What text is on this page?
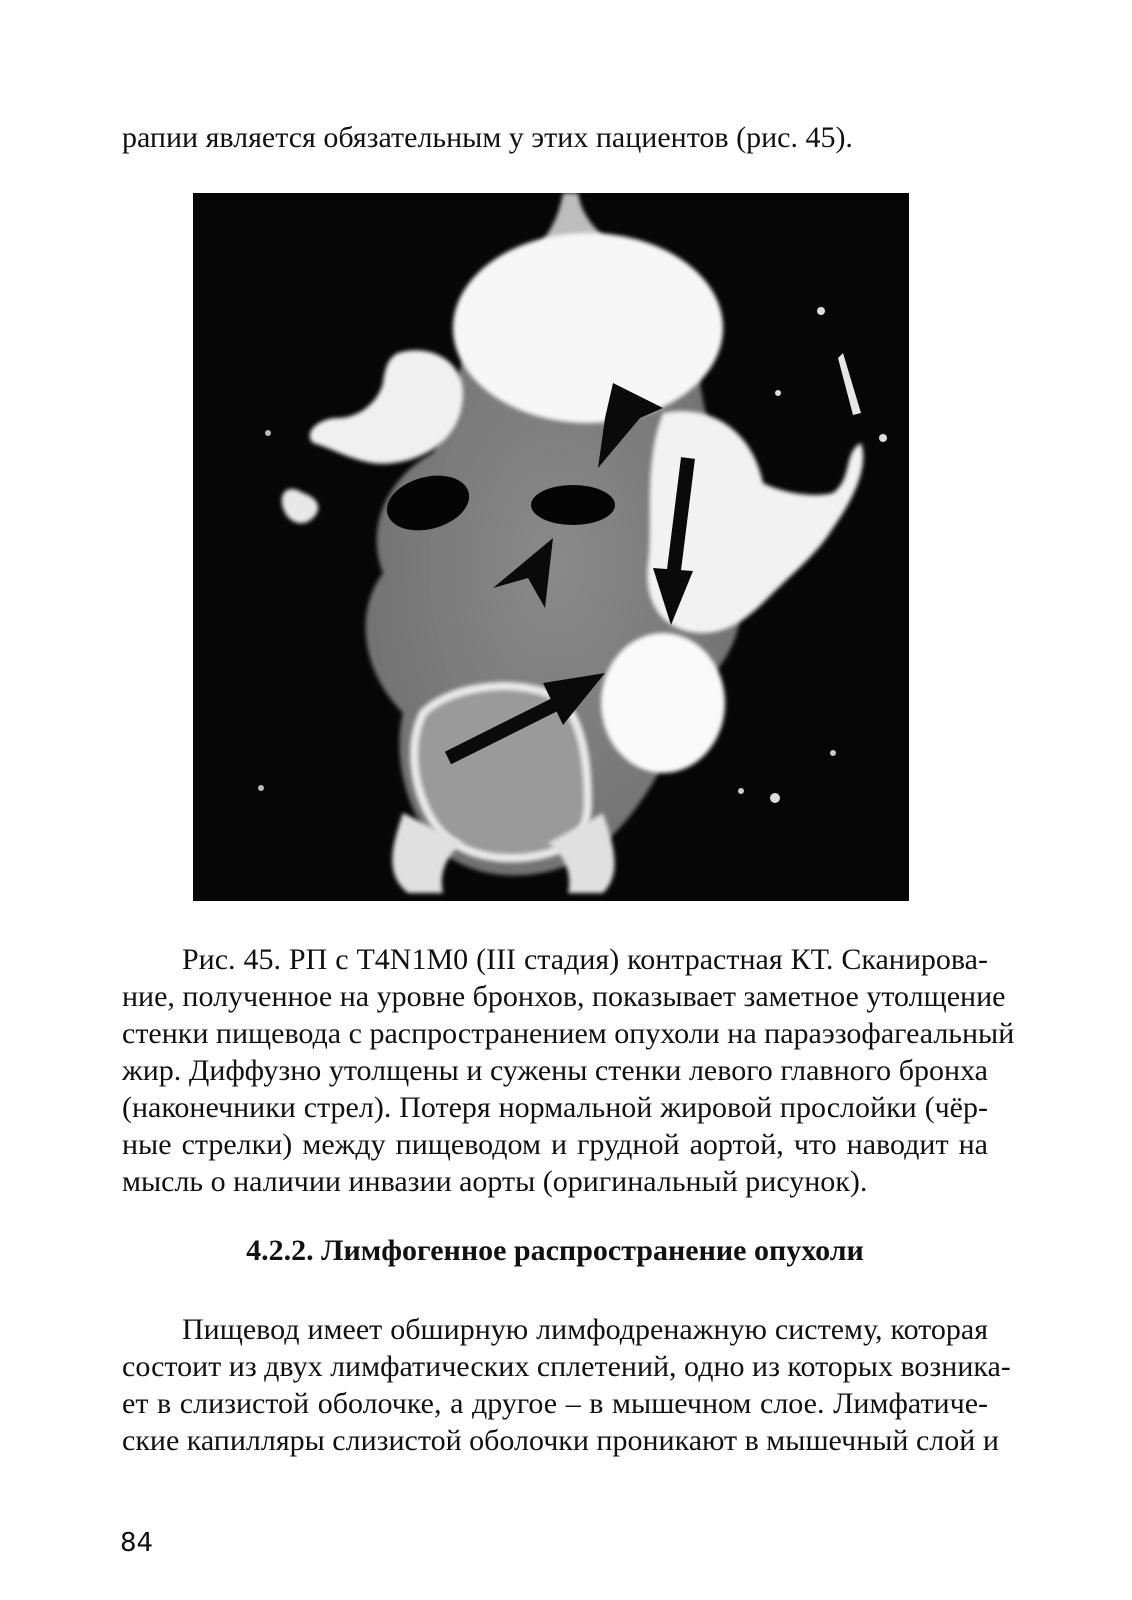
рапии является обязательным у этих пациентов (рис. 45).
Рис. 45. РП с T4N1M0 (III стадия) контрастная КТ. Сканирова-
ние, полученное на уровне бронхов, показывает заметное утолщение
стенки пищевода с распространением опухоли на параэзофагеальный
жир. Диффузно утолщены и сужены стенки левого главного бронха
(наконечники стрел). Потеря нормальной жировой прослойки (чёр-
ные стрелки) между пищеводом и грудной аортой, что наводит на
мысль о наличии инвазии аорты (оригинальный рисунок).
4.2.2. Лимфогенное распространение опухоли
Пищевод имеет обширную лимфодренажную систему, которая
состоит из двух лимфатических сплетений, одно из которых возника-
ет в слизистой оболочке, а другое – в мышечном слое. Лимфатиче-
ские капилляры слизистой оболочки проникают в мышечный слой и
84
